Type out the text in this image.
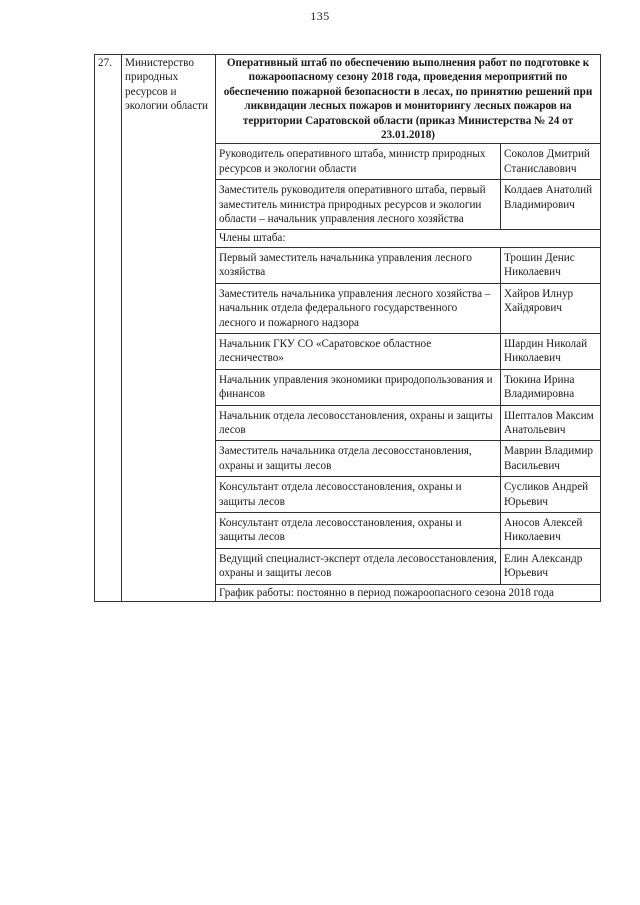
135
27.	Министерство природных ресурсов и экологии области	Оперативный штаб по обеспечению выполнения работ по подготовке к пожароопасному сезону 2018 года, проведения мероприятий по обеспечению пожарной безопасности в лесах, по принятию решений при ликвидации лесных пожаров и мониторингу лесных пожаров на территории Саратовской области (приказ Министерства № 24 от 23.01.2018)	
		Руководитель оперативного штаба, министр природных ресурсов и экологии области	Соколов Дмитрий Станиславович
		Заместитель руководителя оперативного штаба, первый заместитель министра природных ресурсов и экологии области – начальник управления лесного хозяйства	Колдаев Анатолий Владимирович
		Члены штаба:	
		Первый заместитель начальника управления лесного хозяйства	Трошин Денис Николаевич
		Заместитель начальника управления лесного хозяйства – начальник отдела федерального государственного лесного и пожарного надзора	Хайров Илнур Хайдярович
		Начальник ГКУ СО «Саратовское областное лесничество»	Шардин Николай Николаевич
		Начальник управления экономики природопользования и финансов	Тюкина Ирина Владимировна
		Начальник отдела лесовосстановления, охраны и защиты лесов	Шепталов Максим Анатольевич
		Заместитель начальника отдела лесовосстановления, охраны и защиты лесов	Маврин Владимир Васильевич
		Консультант отдела лесовосстановления, охраны и защиты лесов	Сусликов Андрей Юрьевич
		Консультант отдела лесовосстановления, охраны и защиты лесов	Аносов Алексей Николаевич
		Ведущий специалист-эксперт отдела лесовосстановления, охраны и защиты лесов	Елин Александр Юрьевич
		График работы: постоянно в период пожароопасного сезона 2018 года	
